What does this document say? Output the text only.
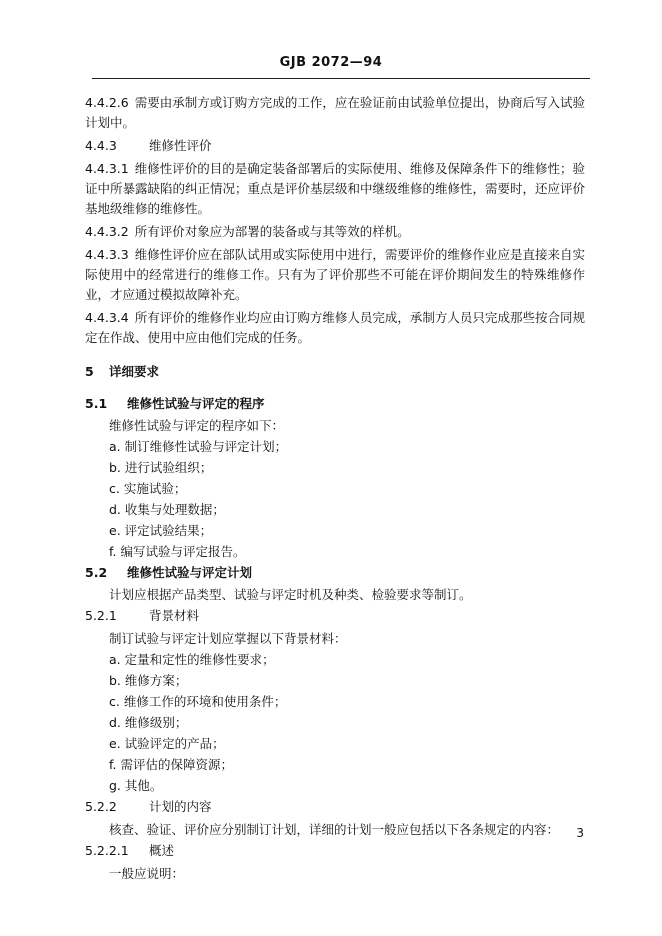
GJB 2072—94

4.4.2.6 需要由承制方或订购方完成的工作，应在验证前由试验单位提出，协商后写入试验计划中。

4.4.3	维修性评价

4.4.3.1 维修性评价的目的是确定装备部署后的实际使用、维修及保障条件下的维修性；验证中所暴露缺陷的纠正情况；重点是评价基层级和中继级维修的维修性，需要时，还应评价基地级维修的维修性。

4.4.3.2 所有评价对象应为部署的装备或与其等效的样机。

4.4.3.3 维修性评价应在部队试用或实际使用中进行，需要评价的维修作业应是直接来自实际使用中的经常进行的维修工作。只有为了评价那些不可能在评价期间发生的特殊维修作业，才应通过模拟故障补充。

4.4.3.4 所有评价的维修作业均应由订购方维修人员完成，承制方人员只完成那些按合同规定在作战、使用中应由他们完成的任务。

5 详细要求
5.1 维修性试验与评定的程序
维修性试验与评定的程序如下：
a. 制订维修性试验与评定计划；
b. 进行试验组织；
c. 实施试验；
d. 收集与处理数据；
e. 评定试验结果；
f. 编写试验与评定报告。
5.2 维修性试验与评定计划
计划应根据产品类型、试验与评定时机及种类、检验要求等制订。
5.2.1	背景材料
制订试验与评定计划应掌握以下背景材料：
a. 定量和定性的维修性要求；
b. 维修方案；
c. 维修工作的环境和使用条件；
d. 维修级别；
e. 试验评定的产品；
f. 需评估的保障资源；
g. 其他。
5.2.2	计划的内容
核查、验证、评价应分别制订计划，详细的计划一般应包括以下各条规定的内容：
5.2.2.1 概述
一般应说明：
3
